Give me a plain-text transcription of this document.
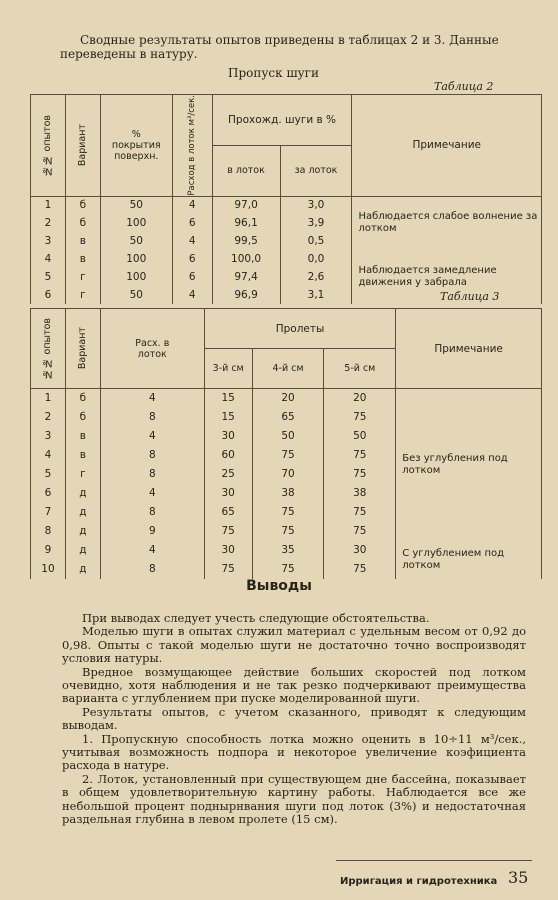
Сводные результаты опытов приведены в таблицах 2 и 3. Данные переведены в натуру.
Пропуск шуги
Таблица 2
№№ опытов	Вариант	% покрытия поверхн.	Расход в лоток м³/сек.	Прохожд. шуги в %		Примечание
				в лоток	за лоток	
1	б	50	4	97,0	3,0	Наблюдается слабое волнение за лотком
2	б	100	6	96,1	3,9	
3	в	50	4	99,5	0,5	
4	в	100	6	100,0	0,0	Наблюдается замедление движения у забрала
5	г	100	6	97,4	2,6	
6	г	50	4	96,9	3,1		Таблица 3
№№ опытов	Вариант	Расх. в лоток	Пролеты			Примечание
			3-й см	4-й см	5-й см	
1	б	4	15	20	20	Без углубления под лотком
2	б	8	15	65	75	
3	в	4	30	50	50	
4	в	8	60	75	75	
5	г	8	25	70	75	
6	д	4	30	38	38	
7	д	8	65	75	75	
8	д	9	75	75	75	
9	д	4	30	35	30	С углублением под лотком
10	д	8	75	75	75	
Выводы

При выводах следует учесть следующие обстоятельства.

Моделью шуги в опытах служил материал с удельным весом от 0,92 до 0,98. Опыты с такой моделью шуги не достаточно точно воспроизводят условия натуры.

Вредное возмущающее действие больших скоростей под лотком очевидно, хотя наблюдения и не так резко подчеркивают преимущества варианта с углублением при пуске моделированной шуги.

Результаты опытов, с учетом сказанного, приводят к следующим выводам.

1. Пропускную способность лотка можно оценить в 10÷11 м³/сек., учитывая возможность подпора и некоторое увеличение коэфициента расхода в натуре.

2. Лоток, установленный при существующем дне бассейна, показывает в общем удовлетворительную картину работы. Наблюдается все же небольшой процент поднырнвания шуги под лоток (3%) и недостаточная раздельная глубина в левом пролете (15 см).

Ирригация и гидротехника 35
